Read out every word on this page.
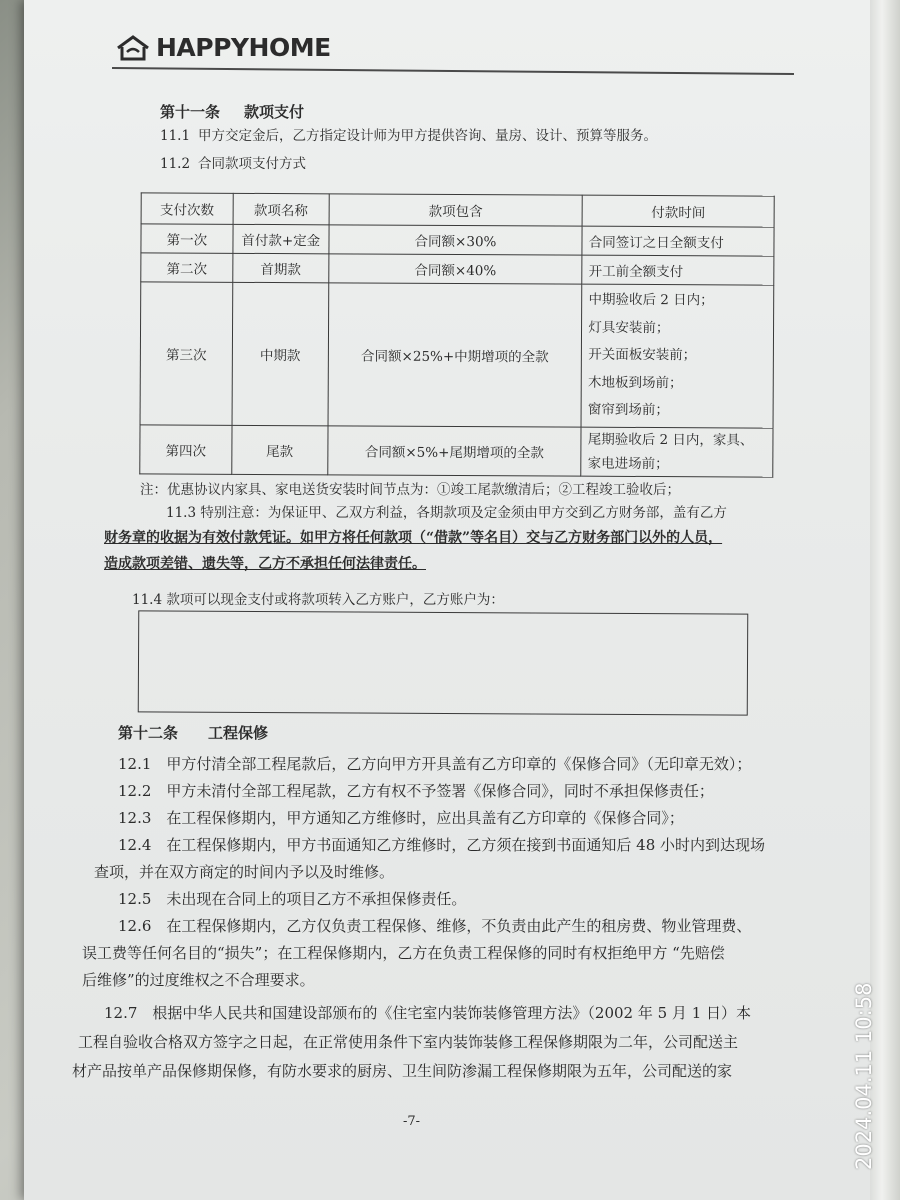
HAPPYHOME
第十一条 款项支付
11.1 甲方交定金后，乙方指定设计师为甲方提供咨询、量房、设计、预算等服务。
11.2 合同款项支付方式
支付次数	款项名称	款项包含	付款时间
第一次	首付款+定金	合同额×30%	合同签订之日全额支付
第二次	首期款	合同额×40%	开工前全额支付
第三次	中期款	合同额×25%+中期增项的全款	中期验收后 2 日内；
灯具安装前；
开关面板安装前；
木地板到场前；
窗帘到场前；

第四次	尾款	合同额×5%+尾期增项的全款	尾期验收后 2 日内，家具、
家电进场前；
注：优惠协议内家具、家电送货安装时间节点为：①竣工尾款缴清后；②工程竣工验收后；
11.3 特别注意：为保证甲、乙双方利益，各期款项及定金须由甲方交到乙方财务部，盖有乙方
财务章的收据为有效付款凭证。如甲方将任何款项（“借款”等名目）交与乙方财务部门以外的人员，
造成款项差错、遗失等，乙方不承担任何法律责任。
11.4 款项可以现金支付或将款项转入乙方账户，乙方账户为：
第十二条 工程保修
12.1　甲方付清全部工程尾款后，乙方向甲方开具盖有乙方印章的《保修合同》（无印章无效）；
12.2　甲方未清付全部工程尾款，乙方有权不予签署《保修合同》，同时不承担保修责任；
12.3　在工程保修期内，甲方通知乙方维修时，应出具盖有乙方印章的《保修合同》；
12.4　在工程保修期内，甲方书面通知乙方维修时，乙方须在接到书面通知后 48 小时内到达现场
查项，并在双方商定的时间内予以及时维修。
12.5　未出现在合同上的项目乙方不承担保修责任。
12.6　在工程保修期内，乙方仅负责工程保修、维修，不负责由此产生的租房费、物业管理费、
误工费等任何名目的“损失”；在工程保修期内，乙方在负责工程保修的同时有权拒绝甲方 “先赔偿
后维修”的过度维权之不合理要求。
12.7　根据中华人民共和国建设部颁布的《住宅室内装饰装修管理方法》（2002 年 5 月 1 日）本
工程自验收合格双方签字之日起，在正常使用条件下室内装饰装修工程保修期限为二年，公司配送主
材产品按单产品保修期保修，有防水要求的厨房、卫生间防渗漏工程保修期限为五年，公司配送的家
-7-	2024.04.11 10:58
